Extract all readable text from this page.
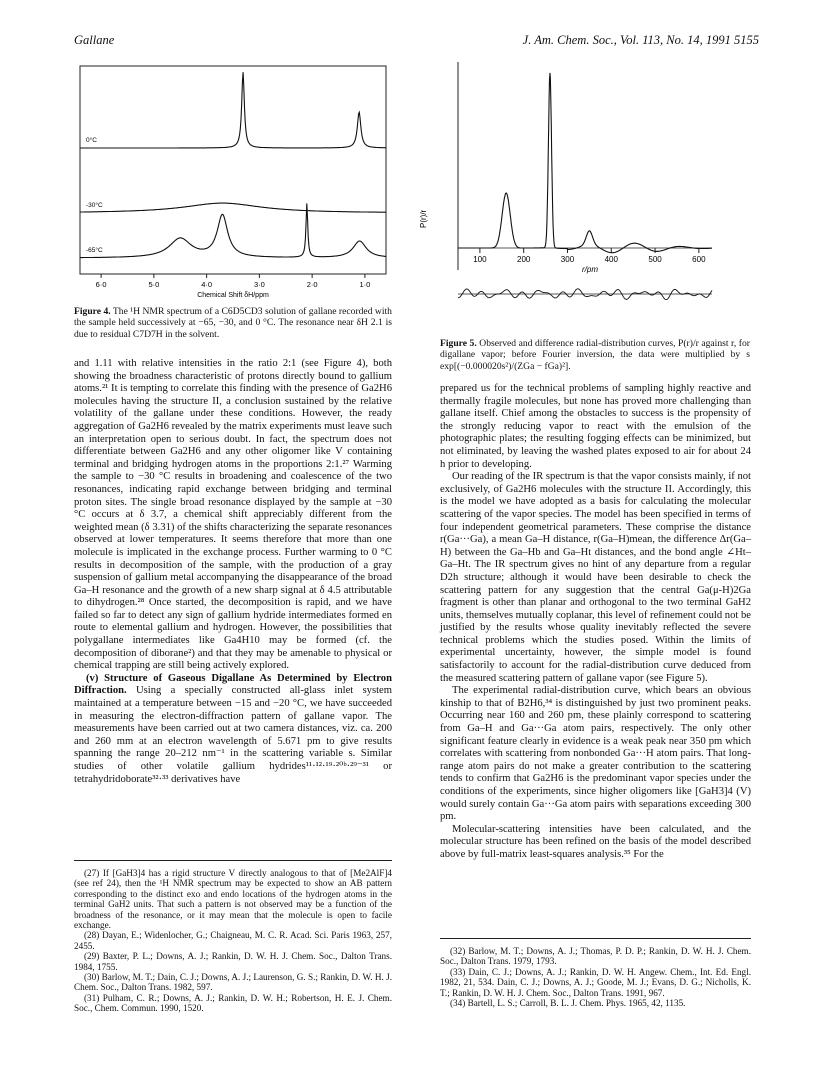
Gallane	J. Am. Chem. Soc., Vol. 113, No. 14, 1991 5155
0°C
-30°C
-65°C
6·0	5·0	4·0	3·0	2·0	1·0
Chemical Shift δH/ppm
Figure 4. The ¹H NMR spectrum of a C6D5CD3 solution of gallane recorded with the sample held successively at −65, −30, and 0 °C. The resonance near δH 2.1 is due to residual C7D7H in the solvent.
P(r)/r
100	200	300	400	500	600
r/pm
Figure 5. Observed and difference radial-distribution curves, P(r)/r against r, for digallane vapor; before Fourier inversion, the data were multiplied by s exp[(−0.000020s²)/(ZGa − fGa)²].

and 1.11 with relative intensities in the ratio 2:1 (see Figure 4), both showing the broadness characteristic of protons directly bound to gallium atoms.²¹ It is tempting to correlate this finding with the presence of Ga2H6 molecules having the structure II, a conclusion sustained by the relative volatility of the gallane under these conditions. However, the ready aggregation of Ga2H6 revealed by the matrix experiments must leave such an interpretation open to serious doubt. In fact, the spectrum does not differentiate between Ga2H6 and any other oligomer like V containing terminal and bridging hydrogen atoms in the proportions 2:1.²⁷ Warming the sample to −30 °C results in broadening and coalescence of the two resonances, indicating rapid exchange between bridging and terminal proton sites. The single broad resonance displayed by the sample at −30 °C occurs at δ 3.7, a chemical shift appreciably different from the weighted mean (δ 3.31) of the shifts characterizing the separate resonances observed at lower temperatures. It seems therefore that more than one molecule is implicated in the exchange process. Further warming to 0 °C results in decomposition of the sample, with the production of a gray suspension of gallium metal accompanying the disappearance of the broad Ga–H resonance and the growth of a new sharp signal at δ 4.5 attributable to dihydrogen.²⁸ Once started, the decomposition is rapid, and we have failed so far to detect any sign of gallium hydride intermediates formed en route to elemental gallium and hydrogen. However, the possibilities that polygallane intermediates like Ga4H10 may be formed (cf. the decomposition of diborane²) and that they may be amenable to physical or chemical trapping are still being actively explored.

(v) Structure of Gaseous Digallane As Determined by Electron Diffraction. Using a specially constructed all-glass inlet system maintained at a temperature between −15 and −20 °C, we have succeeded in measuring the electron-diffraction pattern of gallane vapor. The measurements have been carried out at two camera distances, viz. ca. 200 and 260 mm at an electron wavelength of 5.671 pm to give results spanning the range 20–212 nm⁻¹ in the scattering variable s. Similar studies of other volatile gallium hydrides¹¹·¹²·¹⁹·²⁰ᵇ·²⁹⁻³¹ or tetrahydridoborate³²·³³ derivatives have

(27) If [GaH3]4 has a rigid structure V directly analogous to that of [Me2AlF]4 (see ref 24), then the ¹H NMR spectrum may be expected to show an AB pattern corresponding to the distinct exo and endo locations of the hydrogen atoms in the terminal GaH2 units. That such a pattern is not observed may be a function of the broadness of the resonance, or it may mean that the molecule is open to facile exchange.
(28) Dayan, E.; Widenlocher, G.; Chaigneau, M. C. R. Acad. Sci. Paris 1963, 257, 2455.
(29) Baxter, P. L.; Downs, A. J.; Rankin, D. W. H. J. Chem. Soc., Dalton Trans. 1984, 1755.
(30) Barlow, M. T.; Dain, C. J.; Downs, A. J.; Laurenson, G. S.; Rankin, D. W. H. J. Chem. Soc., Dalton Trans. 1982, 597.
(31) Pulham, C. R.; Downs, A. J.; Rankin, D. W. H.; Robertson, H. E. J. Chem. Soc., Chem. Commun. 1990, 1520.

prepared us for the technical problems of sampling highly reactive and thermally fragile molecules, but none has proved more challenging than gallane itself. Chief among the obstacles to success is the propensity of the strongly reducing vapor to react with the emulsion of the photographic plates; the resulting fogging effects can be minimized, but not eliminated, by leaving the washed plates exposed to air for about 24 h prior to developing.

Our reading of the IR spectrum is that the vapor consists mainly, if not exclusively, of Ga2H6 molecules with the structure II. Accordingly, this is the model we have adopted as a basis for calculating the molecular scattering of the vapor species. The model has been specified in terms of four independent geometrical parameters. These comprise the distance r(Ga···Ga), a mean Ga–H distance, r(Ga–H)mean, the difference Δr(Ga–H) between the Ga–Hb and Ga–Ht distances, and the bond angle ∠Ht–Ga–Ht. The IR spectrum gives no hint of any departure from a regular D2h structure; although it would have been desirable to check the scattering pattern for any suggestion that the central Ga(μ-H)2Ga fragment is other than planar and orthogonal to the two terminal GaH2 units, themselves mutually coplanar, this level of refinement could not be justified by the results whose quality inevitably reflected the severe technical problems which the studies posed. Within the limits of experimental uncertainty, however, the simple model is found satisfactorily to account for the radial-distribution curve deduced from the measured scattering pattern of gallane vapor (see Figure 5).

The experimental radial-distribution curve, which bears an obvious kinship to that of B2H6,³⁴ is distinguished by just two prominent peaks. Occurring near 160 and 260 pm, these plainly correspond to scattering from Ga–H and Ga···Ga atom pairs, respectively. The only other significant feature clearly in evidence is a weak peak near 350 pm which correlates with scattering from nonbonded Ga···H atom pairs. That long-range atom pairs do not make a greater contribution to the scattering tends to confirm that Ga2H6 is the predominant vapor species under the conditions of the experiments, since higher oligomers like [GaH3]4 (V) would surely contain Ga···Ga atom pairs with separations exceeding 300 pm.

Molecular-scattering intensities have been calculated, and the molecular structure has been refined on the basis of the model described above by full-matrix least-squares analysis.³⁵ For the

(32) Barlow, M. T.; Downs, A. J.; Thomas, P. D. P.; Rankin, D. W. H. J. Chem. Soc., Dalton Trans. 1979, 1793.
(33) Dain, C. J.; Downs, A. J.; Rankin, D. W. H. Angew. Chem., Int. Ed. Engl. 1982, 21, 534. Dain, C. J.; Downs, A. J.; Goode, M. J.; Evans, D. G.; Nicholls, K. T.; Rankin, D. W. H. J. Chem. Soc., Dalton Trans. 1991, 967.
(34) Bartell, L. S.; Carroll, B. L. J. Chem. Phys. 1965, 42, 1135.
